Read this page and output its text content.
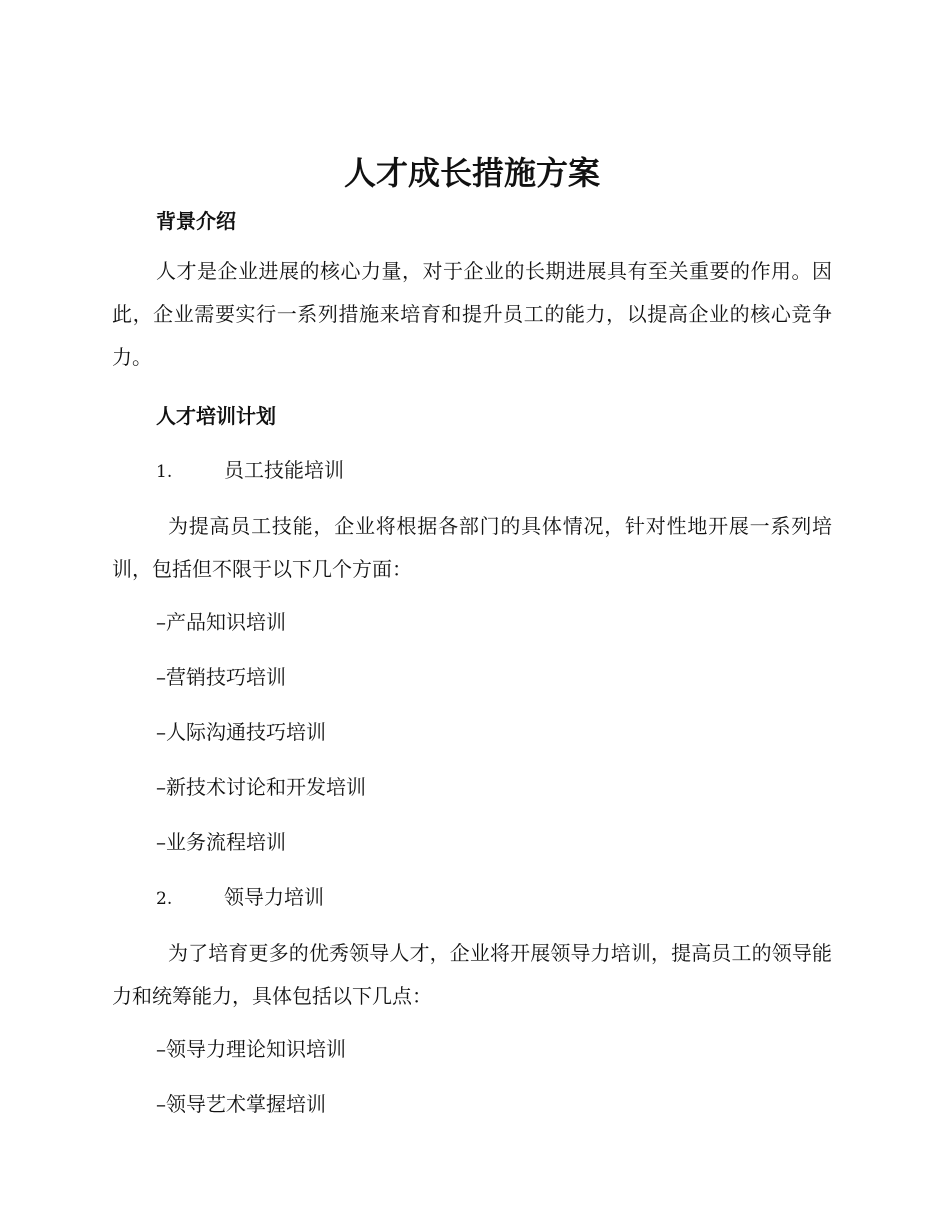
人才成长措施方案
背景介绍

人才是企业进展的核心力量，对于企业的长期进展具有至关重要的作用。因此，企业需要实行一系列措施来培育和提升员工的能力，以提高企业的核心竞争力。

人才培训计划

1.	员工技能培训

为提高员工技能，企业将根据各部门的具体情况，针对性地开展一系列培训，包括但不限于以下几个方面：

–产品知识培训

–营销技巧培训

–人际沟通技巧培训

–新技术讨论和开发培训

–业务流程培训

2.	领导力培训

为了培育更多的优秀领导人才，企业将开展领导力培训，提高员工的领导能力和统筹能力，具体包括以下几点：

–领导力理论知识培训

–领导艺术掌握培训
